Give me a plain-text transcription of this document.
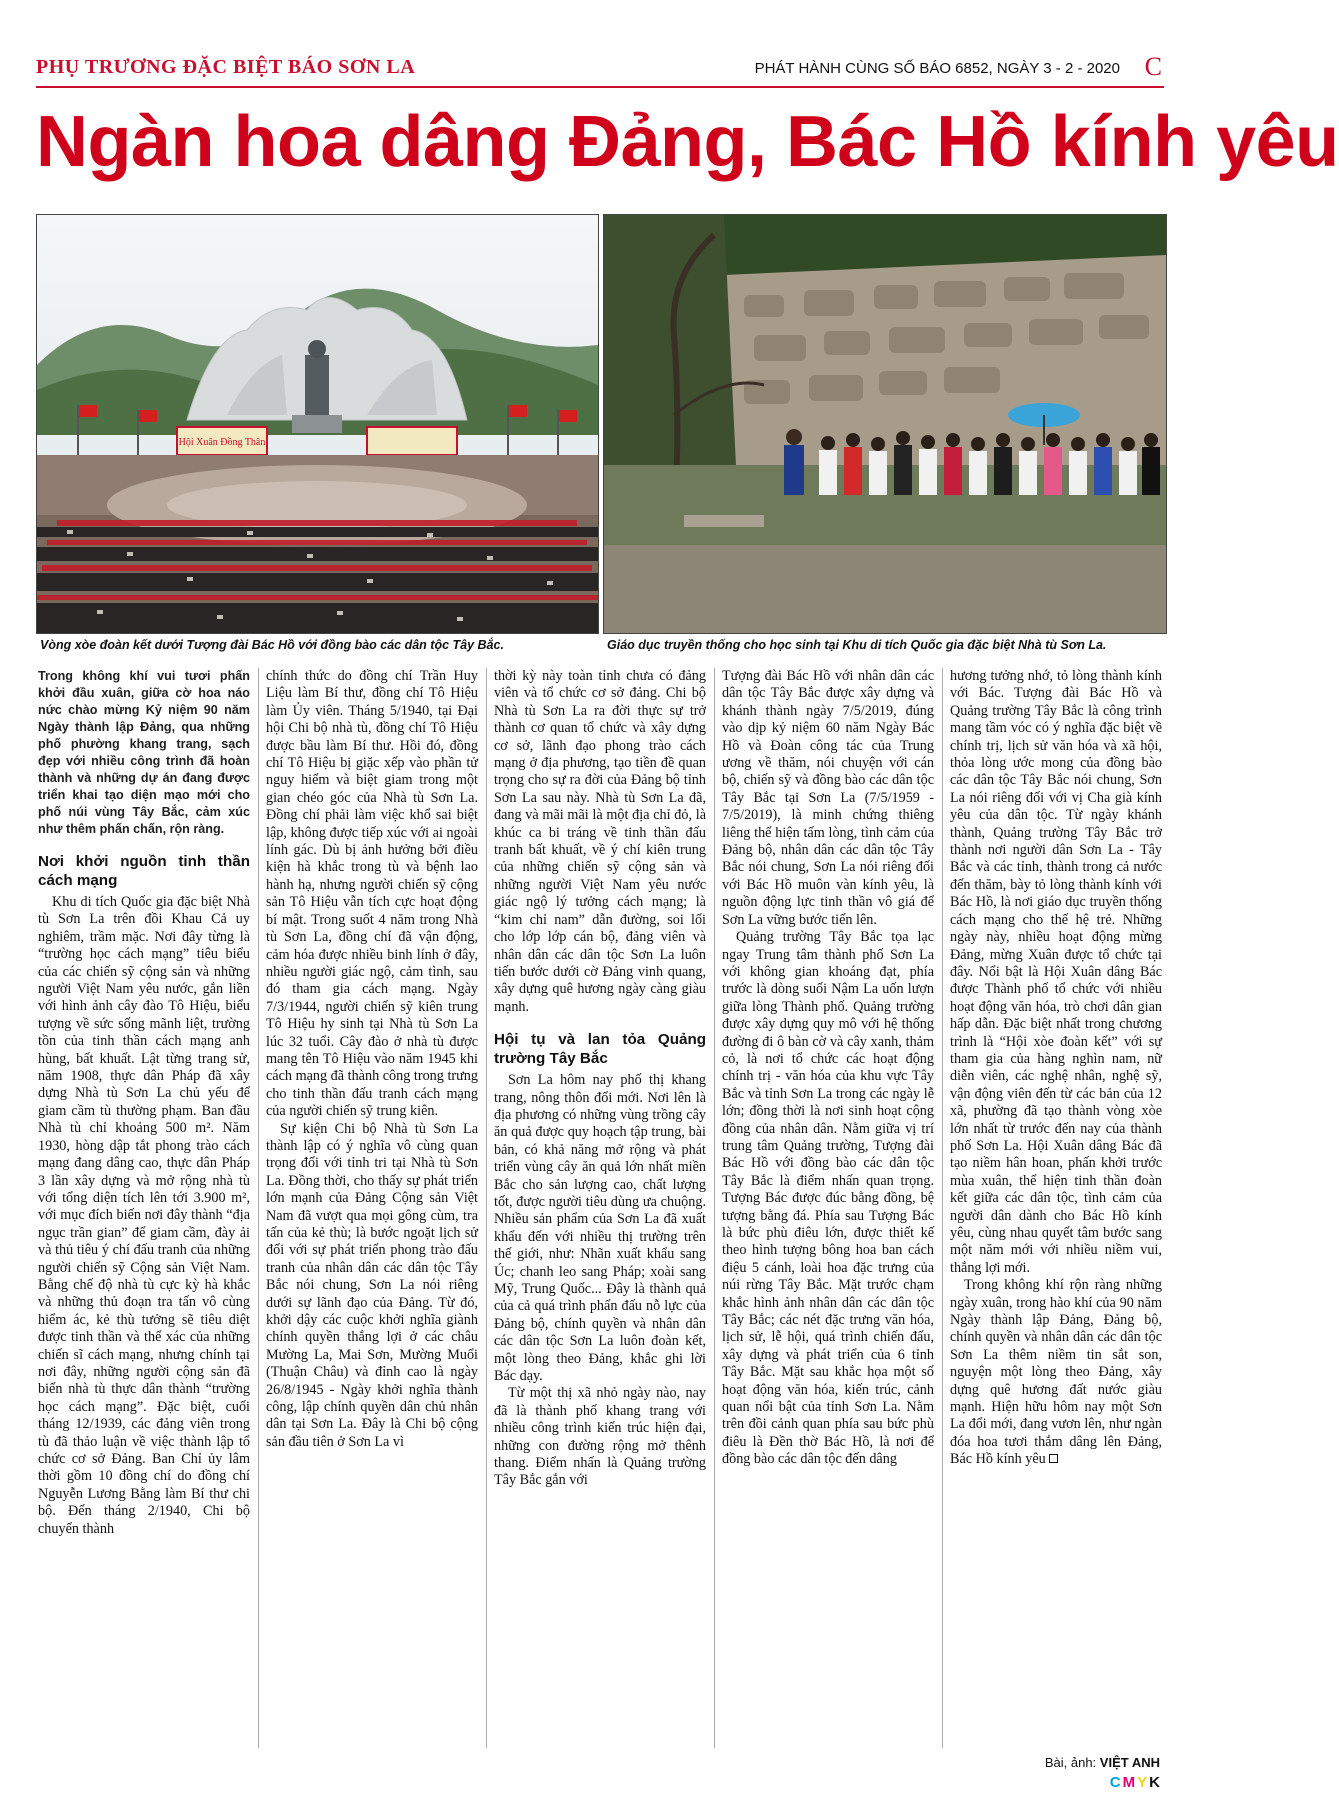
PHỤ TRƯƠNG ĐẶC BIỆT BÁO SƠN LA	PHÁT HÀNH CÙNG SỐ BÁO 6852, NGÀY 3 - 2 - 2020 C
Ngàn hoa dâng Đảng, Bác Hồ kính yêu
Hội Xuân Đồng Thân
Vòng xòe đoàn kết dưới Tượng đài Bác Hồ với đồng bào các dân tộc Tây Bắc.	Giáo dục truyền thống cho học sinh tại Khu di tích Quốc gia đặc biệt Nhà tù Sơn La.
Trong không khí vui tươi phấn khởi đầu xuân, giữa cờ hoa náo nức chào mừng Kỷ niệm 90 năm Ngày thành lập Đảng, qua những phố phường khang trang, sạch đẹp với nhiều công trình đã hoàn thành và những dự án đang được triển khai tạo diện mạo mới cho phố núi vùng Tây Bắc, cảm xúc như thêm phấn chấn, rộn ràng.
Nơi khởi nguồn tinh thần cách mạng

Khu di tích Quốc gia đặc biệt Nhà tù Sơn La trên đồi Khau Cả uy nghiêm, trầm mặc. Nơi đây từng là “trường học cách mạng” tiêu biểu của các chiến sỹ cộng sản và những người Việt Nam yêu nước, gắn liền với hình ảnh cây đào Tô Hiệu, biểu tượng về sức sống mãnh liệt, trường tồn của tinh thần cách mạng anh hùng, bất khuất. Lật từng trang sử, năm 1908, thực dân Pháp đã xây dựng Nhà tù Sơn La chủ yếu để giam cầm tù thường phạm. Ban đầu Nhà tù chỉ khoảng 500 m². Năm 1930, hòng dập tắt phong trào cách mạng đang dâng cao, thực dân Pháp 3 lần xây dựng và mở rộng nhà tù với tổng diện tích lên tới 3.900 m², với mục đích biến nơi đây thành “địa ngục trần gian” để giam cầm, đày ải và thủ tiêu ý chí đấu tranh của những người chiến sỹ Cộng sản Việt Nam. Bằng chế độ nhà tù cực kỳ hà khắc và những thủ đoạn tra tấn vô cùng hiểm ác, kẻ thù tưởng sẽ tiêu diệt được tinh thần và thể xác của những chiến sĩ cách mạng, nhưng chính tại nơi đây, những người cộng sản đã biến nhà tù thực dân thành “trường học cách mạng”. Đặc biệt, cuối tháng 12/1939, các đảng viên trong tù đã thảo luận về việc thành lập tổ chức cơ sở Đảng. Ban Chỉ ủy lâm thời gồm 10 đồng chí do đồng chí Nguyễn Lương Bằng làm Bí thư chi bộ. Đến tháng 2/1940, Chi bộ chuyển thành

chính thức do đồng chí Trần Huy Liệu làm Bí thư, đồng chí Tô Hiệu làm Ủy viên. Tháng 5/1940, tại Đại hội Chi bộ nhà tù, đồng chí Tô Hiệu được bầu làm Bí thư. Hồi đó, đồng chí Tô Hiệu bị giặc xếp vào phần tử nguy hiểm và biệt giam trong một gian chéo góc của Nhà tù Sơn La. Đồng chí phải làm việc khổ sai biệt lập, không được tiếp xúc với ai ngoài lính gác. Dù bị ảnh hưởng bởi điều kiện hà khắc trong tù và bệnh lao hành hạ, nhưng người chiến sỹ cộng sản Tô Hiệu vẫn tích cực hoạt động bí mật. Trong suốt 4 năm trong Nhà tù Sơn La, đồng chí đã vận động, cảm hóa được nhiều binh lính ở đây, nhiều người giác ngộ, cảm tình, sau đó tham gia cách mạng. Ngày 7/3/1944, người chiến sỹ kiên trung Tô Hiệu hy sinh tại Nhà tù Sơn La lúc 32 tuổi. Cây đào ở nhà tù được mang tên Tô Hiệu vào năm 1945 khi cách mạng đã thành công trong trưng cho tinh thần đấu tranh cách mạng của người chiến sỹ trung kiên.

Sự kiện Chi bộ Nhà tù Sơn La thành lập có ý nghĩa vô cùng quan trọng đối với tỉnh tri tại Nhà tù Sơn La. Đồng thời, cho thấy sự phát triển lớn mạnh của Đảng Cộng sản Việt Nam đã vượt qua mọi gông cùm, tra tấn của kẻ thù; là bước ngoặt lịch sử đối với sự phát triển phong trào đấu tranh của nhân dân các dân tộc Tây Bắc nói chung, Sơn La nói riêng dưới sự lãnh đạo của Đảng. Từ đó, khởi dậy các cuộc khởi nghĩa giành chính quyền thắng lợi ở các châu Mường La, Mai Sơn, Mường Muổi (Thuận Châu) và đỉnh cao là ngày 26/8/1945 - Ngày khởi nghĩa thành công, lập chính quyền dân chủ nhân dân tại Sơn La. Đây là Chi bộ cộng sản đầu tiên ở Sơn La vì

thời kỳ này toàn tỉnh chưa có đảng viên và tổ chức cơ sở đảng. Chi bộ Nhà tù Sơn La ra đời thực sự trở thành cơ quan tổ chức và xây dựng cơ sở, lãnh đạo phong trào cách mạng ở địa phương, tạo tiền đề quan trọng cho sự ra đời của Đảng bộ tỉnh Sơn La sau này. Nhà tù Sơn La đã, đang và mãi mãi là một địa chỉ đỏ, là khúc ca bi tráng về tinh thần đấu tranh bất khuất, về ý chí kiên trung của những chiến sỹ cộng sản và những người Việt Nam yêu nước giác ngộ lý tưởng cách mạng; là “kim chỉ nam” dẫn đường, soi lối cho lớp lớp cán bộ, đảng viên và nhân dân các dân tộc Sơn La luôn tiến bước dưới cờ Đảng vinh quang, xây dựng quê hương ngày càng giàu mạnh.

Hội tụ và lan tỏa Quảng trường Tây Bắc

Sơn La hôm nay phố thị khang trang, nông thôn đổi mới. Nơi lên là địa phương có những vùng trồng cây ăn quả được quy hoạch tập trung, bài bản, có khả năng mở rộng và phát triển vùng cây ăn quả lớn nhất miền Bắc cho sản lượng cao, chất lượng tốt, được người tiêu dùng ưa chuộng. Nhiều sản phẩm của Sơn La đã xuất khẩu đến với nhiều thị trường trên thế giới, như: Nhãn xuất khẩu sang Úc; chanh leo sang Pháp; xoài sang Mỹ, Trung Quốc... Đây là thành quả của cả quá trình phấn đấu nỗ lực của Đảng bộ, chính quyền và nhân dân các dân tộc Sơn La luôn đoàn kết, một lòng theo Đảng, khắc ghi lời Bác dạy.

Từ một thị xã nhỏ ngày nào, nay đã là thành phố khang trang với nhiều công trình kiến trúc hiện đại, những con đường rộng mở thênh thang. Điểm nhấn là Quảng trường Tây Bắc gắn với

Tượng đài Bác Hồ với nhân dân các dân tộc Tây Bắc được xây dựng và khánh thành ngày 7/5/2019, đúng vào dịp kỷ niệm 60 năm Ngày Bác Hồ và Đoàn công tác của Trung ương về thăm, nói chuyện với cán bộ, chiến sỹ và đồng bào các dân tộc Tây Bắc tại Sơn La (7/5/1959 - 7/5/2019), là minh chứng thiêng liêng thể hiện tấm lòng, tình cảm của Đảng bộ, nhân dân các dân tộc Tây Bắc nói chung, Sơn La nói riêng đối với Bác Hồ muôn vàn kính yêu, là nguồn động lực tinh thần vô giá để Sơn La vững bước tiến lên.

Quảng trường Tây Bắc tọa lạc ngay Trung tâm thành phố Sơn La với không gian khoáng đạt, phía trước là dòng suối Nậm La uốn lượn giữa lòng Thành phố. Quảng trường được xây dựng quy mô với hệ thống đường đi ô bàn cờ và cây xanh, thảm cỏ, là nơi tổ chức các hoạt động chính trị - văn hóa của khu vực Tây Bắc và tỉnh Sơn La trong các ngày lễ lớn; đồng thời là nơi sinh hoạt cộng đồng của nhân dân. Nằm giữa vị trí trung tâm Quảng trường, Tượng đài Bác Hồ với đồng bào các dân tộc Tây Bắc là điểm nhấn quan trọng. Tượng Bác được đúc bằng đồng, bệ tượng bằng đá. Phía sau Tượng Bác là bức phù điêu lớn, được thiết kế theo hình tượng bông hoa ban cách điệu 5 cánh, loài hoa đặc trưng của núi rừng Tây Bắc. Mặt trước chạm khắc hình ảnh nhân dân các dân tộc Tây Bắc; các nét đặc trưng văn hóa, lịch sử, lễ hội, quá trình chiến đấu, xây dựng và phát triển của 6 tỉnh Tây Bắc. Mặt sau khắc họa một số hoạt động văn hóa, kiến trúc, cảnh quan nổi bật của tỉnh Sơn La. Nằm trên đồi cảnh quan phía sau bức phù điêu là Đền thờ Bác Hồ, là nơi để đồng bào các dân tộc đến dâng

hương tưởng nhớ, tỏ lòng thành kính với Bác. Tượng đài Bác Hồ và Quảng trường Tây Bắc là công trình mang tầm vóc có ý nghĩa đặc biệt về chính trị, lịch sử văn hóa và xã hội, thỏa lòng ước mong của đồng bào các dân tộc Tây Bắc nói chung, Sơn La nói riêng đối với vị Cha già kính yêu của dân tộc. Từ ngày khánh thành, Quảng trường Tây Bắc trở thành nơi người dân Sơn La - Tây Bắc và các tỉnh, thành trong cả nước đến thăm, bày tỏ lòng thành kính với Bác Hồ, là nơi giáo dục truyền thống cách mạng cho thế hệ trẻ. Những ngày này, nhiều hoạt động mừng Đảng, mừng Xuân được tổ chức tại đây. Nổi bật là Hội Xuân dâng Bác được Thành phố tổ chức với nhiều hoạt động văn hóa, trò chơi dân gian hấp dẫn. Đặc biệt nhất trong chương trình là “Hội xòe đoàn kết” với sự tham gia của hàng nghìn nam, nữ diễn viên, các nghệ nhân, nghệ sỹ, vận động viên đến từ các bản của 12 xã, phường đã tạo thành vòng xòe lớn nhất từ trước đến nay của thành phố Sơn La. Hội Xuân dâng Bác đã tạo niềm hân hoan, phấn khởi trước mùa xuân, thể hiện tinh thần đoàn kết giữa các dân tộc, tình cảm của người dân dành cho Bác Hồ kính yêu, cùng nhau quyết tâm bước sang một năm mới với nhiều niềm vui, thắng lợi mới.

Trong không khí rộn ràng những ngày xuân, trong hào khí của 90 năm Ngày thành lập Đảng, Đảng bộ, chính quyền và nhân dân các dân tộc Sơn La thêm niềm tin sắt son, nguyện một lòng theo Đảng, xây dựng quê hương đất nước giàu mạnh. Hiện hữu hôm nay một Sơn La đổi mới, đang vươn lên, như ngàn đóa hoa tươi thắm dâng lên Đảng, Bác Hồ kính yêu

Bài, ảnh: VIỆT ANH
CMYK
